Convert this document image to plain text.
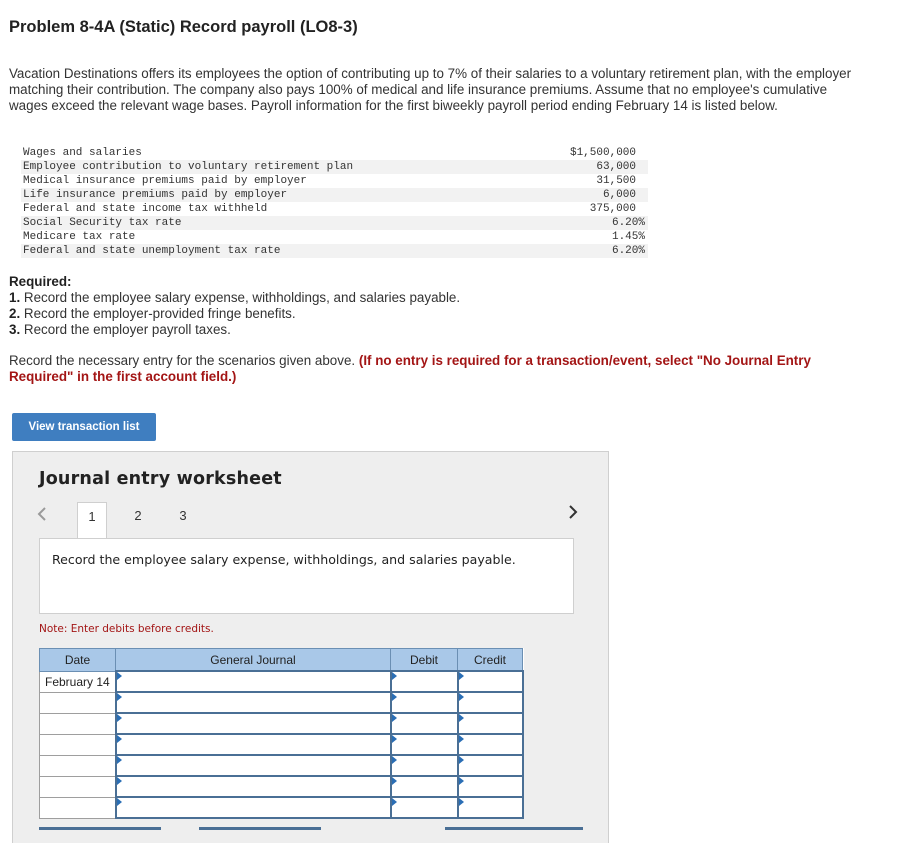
Problem 8-4A (Static) Record payroll (LO8-3)
Vacation Destinations offers its employees the option of contributing up to 7% of their salaries to a voluntary retirement plan, with the employer matching their contribution. The company also pays 100% of medical and life insurance premiums. Assume that no employee's cumulative wages exceed the relevant wage bases. Payroll information for the first biweekly payroll period ending February 14 is listed below.
Wages and salaries	$1,500,000
Employee contribution to voluntary retirement plan	63,000
Medical insurance premiums paid by employer	31,500
Life insurance premiums paid by employer	6,000
Federal and state income tax withheld	375,000
Social Security tax rate	6.20%
Medicare tax rate	1.45%
Federal and state unemployment tax rate	6.20%
Required:
1. Record the employee salary expense, withholdings, and salaries payable.
2. Record the employer-provided fringe benefits.
3. Record the employer payroll taxes.
Record the necessary entry for the scenarios given above. (If no entry is required for a transaction/event, select "No Journal Entry Required" in the first account field.)
View transaction list
Journal entry worksheet
1	2	3
Record the employee salary expense, withholdings, and salaries payable.
Note: Enter debits before credits.
Date	General Journal	Debit	Credit
February 14			
